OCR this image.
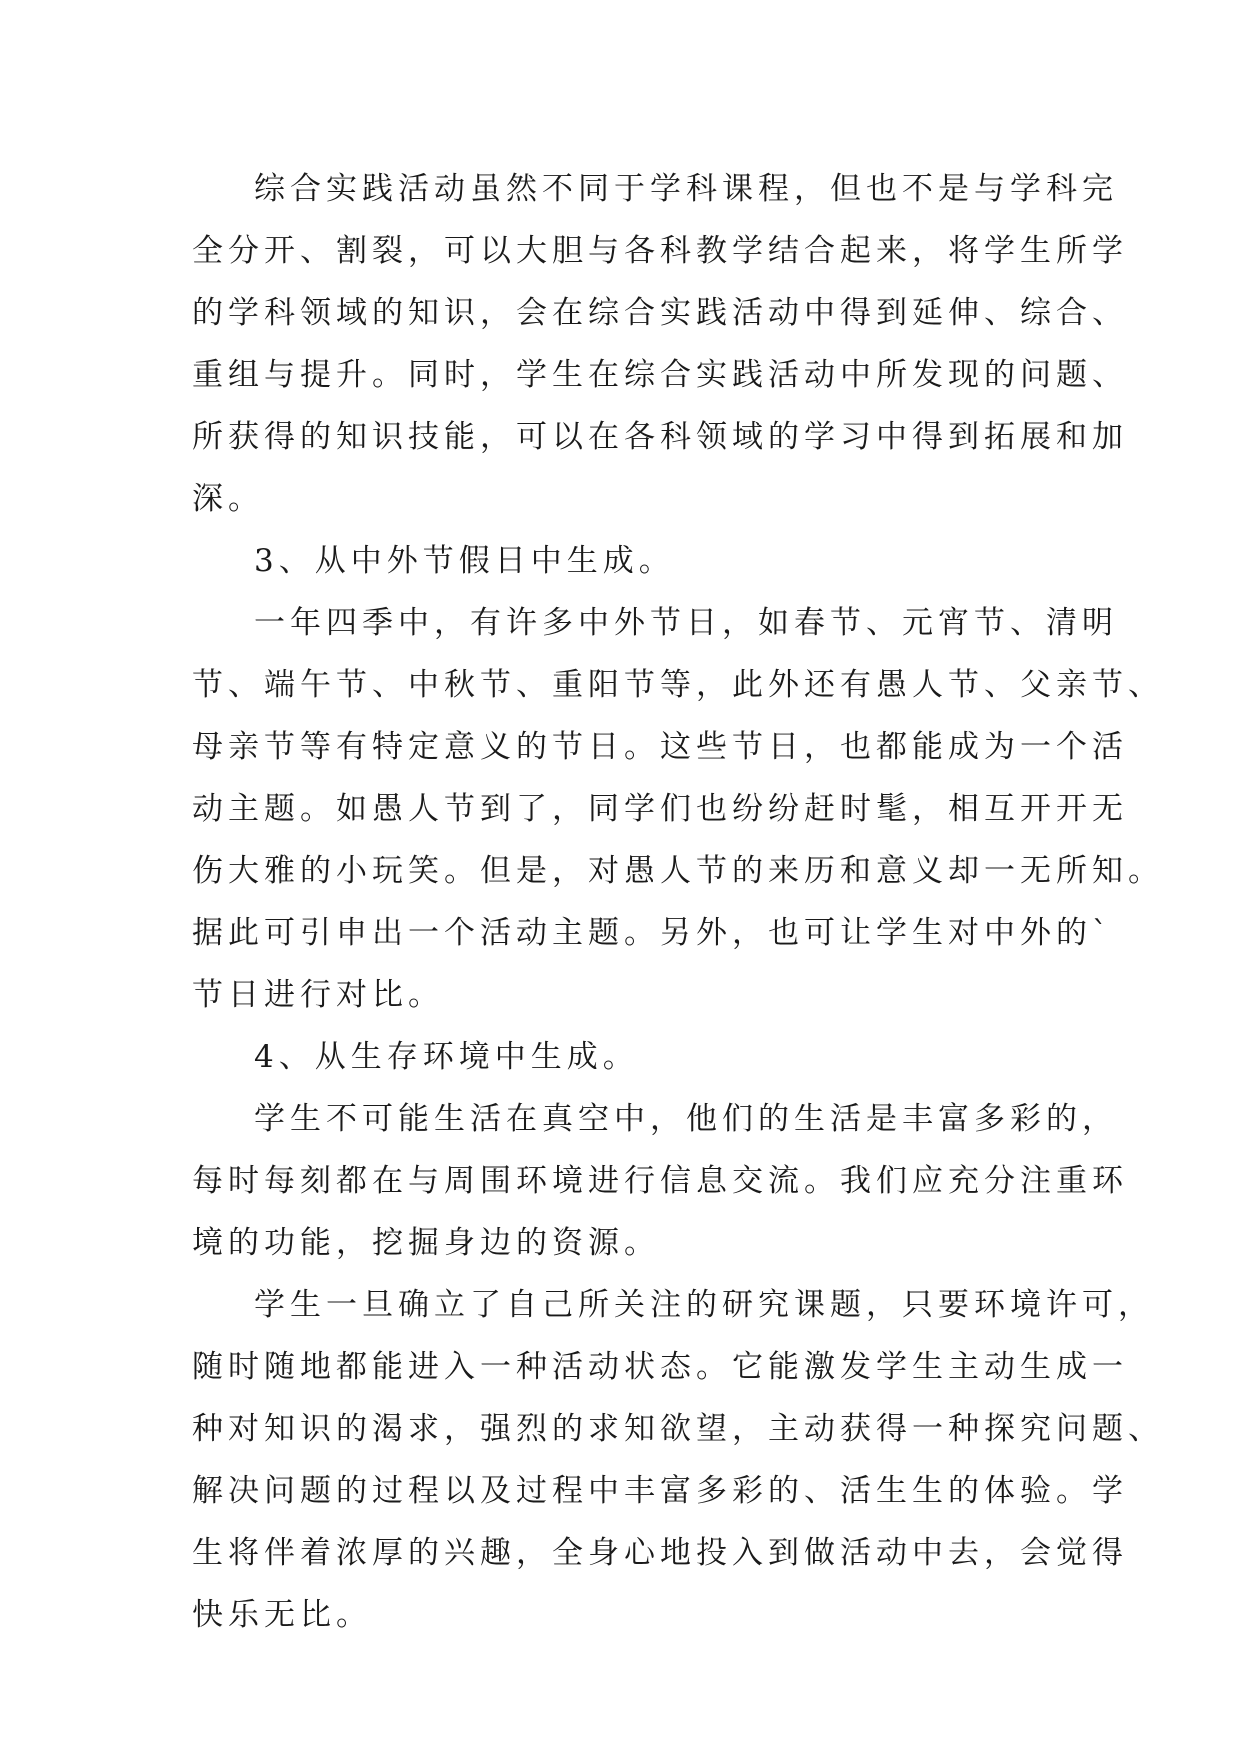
综合实践活动虽然不同于学科课程，但也不是与学科完
全分开、割裂，可以大胆与各科教学结合起来，将学生所学
的学科领域的知识，会在综合实践活动中得到延伸、综合、
重组与提升。同时，学生在综合实践活动中所发现的问题、
所获得的知识技能，可以在各科领域的学习中得到拓展和加
深。
3、从中外节假日中生成。
一年四季中，有许多中外节日，如春节、元宵节、清明
节、端午节、中秋节、重阳节等，此外还有愚人节、父亲节、
母亲节等有特定意义的节日。这些节日，也都能成为一个活
动主题。如愚人节到了，同学们也纷纷赶时髦，相互开开无
伤大雅的小玩笑。但是，对愚人节的来历和意义却一无所知。
据此可引申出一个活动主题。另外，也可让学生对中外的`
节日进行对比。
4、从生存环境中生成。
学生不可能生活在真空中，他们的生活是丰富多彩的，
每时每刻都在与周围环境进行信息交流。我们应充分注重环
境的功能，挖掘身边的资源。
学生一旦确立了自己所关注的研究课题，只要环境许可，
随时随地都能进入一种活动状态。它能激发学生主动生成一
种对知识的渴求，强烈的求知欲望，主动获得一种探究问题、
解决问题的过程以及过程中丰富多彩的、活生生的体验。学
生将伴着浓厚的兴趣，全身心地投入到做活动中去，会觉得
快乐无比。
